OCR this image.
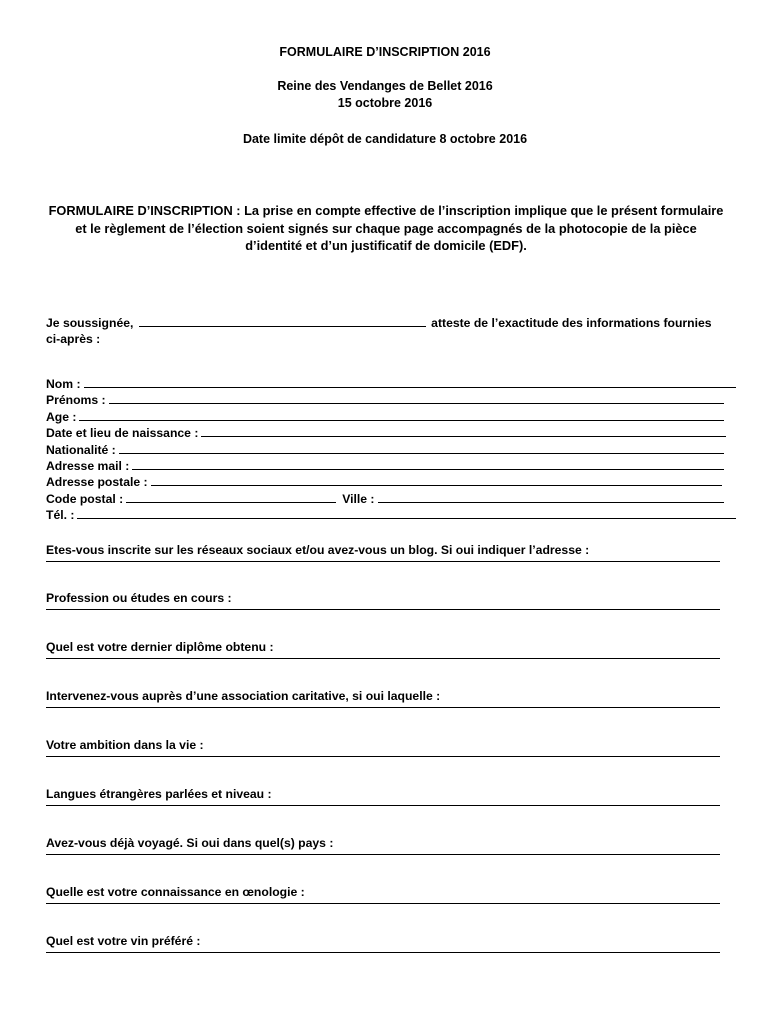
FORMULAIRE D’INSCRIPTION 2016
Reine des Vendanges de Bellet 2016
15 octobre 2016
Date limite dépôt de candidature 8 octobre 2016
FORMULAIRE D’INSCRIPTION : La prise en compte effective de l’inscription implique que le présent formulaire et le règlement de l’élection soient signés sur chaque page accompagnés de la photocopie de la pièce d’identité et d’un justificatif de domicile (EDF).
Je soussignée,	atteste de l’exactitude des informations fournies
ci-après :
Nom :
Prénoms :
Age :
Date et lieu de naissance :
Nationalité :
Adresse mail :
Adresse postale :
Code postal :	Ville :
Tél. :
Etes-vous inscrite sur les réseaux sociaux et/ou avez-vous un blog. Si oui indiquer l’adresse :
Profession ou études en cours :
Quel est votre dernier diplôme obtenu :
Intervenez-vous auprès d’une association caritative, si oui laquelle :
Votre ambition dans la vie :
Langues étrangères parlées et niveau :
Avez-vous déjà voyagé. Si oui dans quel(s) pays :
Quelle est votre connaissance en œnologie :
Quel est votre vin préféré :
